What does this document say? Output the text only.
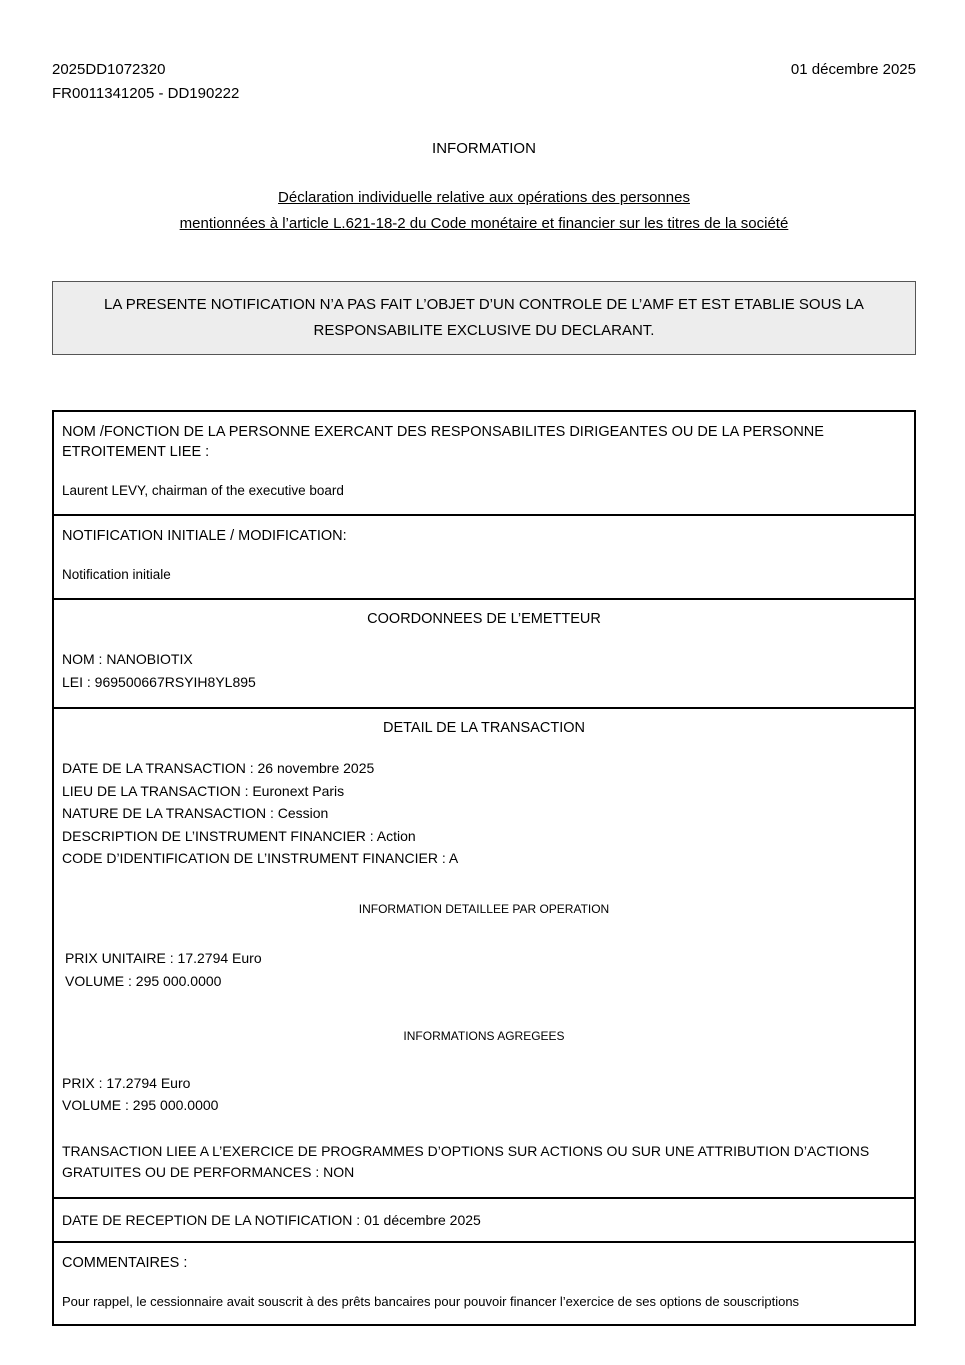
2025DD1072320
FR0011341205 - DD190222
01 décembre 2025
INFORMATION
Déclaration individuelle relative aux opérations des personnes
mentionnées à l’article L.621-18-2 du Code monétaire et financier sur les titres de la société
LA PRESENTE NOTIFICATION N’A PAS FAIT L’OBJET D’UN CONTROLE DE L’AMF ET EST ETABLIE SOUS LA RESPONSABILITE EXCLUSIVE DU DECLARANT.
NOM /FONCTION DE LA PERSONNE EXERCANT DES RESPONSABILITES DIRIGEANTES OU DE LA PERSONNE ETROITEMENT LIEE :
Laurent LEVY, chairman of the executive board
NOTIFICATION INITIALE / MODIFICATION:
Notification initiale
COORDONNEES DE L’EMETTEUR
NOM : NANOBIOTIX
LEI : 969500667RSYIH8YL895
DETAIL DE LA TRANSACTION
DATE DE LA TRANSACTION : 26 novembre 2025
LIEU DE LA TRANSACTION : Euronext Paris
NATURE DE LA TRANSACTION : Cession
DESCRIPTION DE L’INSTRUMENT FINANCIER : Action
CODE D’IDENTIFICATION DE L’INSTRUMENT FINANCIER : A
INFORMATION DETAILLEE PAR OPERATION
PRIX UNITAIRE : 17.2794 Euro
VOLUME : 295 000.0000
INFORMATIONS AGREGEES
PRIX : 17.2794 Euro
VOLUME : 295 000.0000
TRANSACTION LIEE A L’EXERCICE DE PROGRAMMES D’OPTIONS SUR ACTIONS OU SUR UNE ATTRIBUTION D’ACTIONS GRATUITES OU DE PERFORMANCES : NON
DATE DE RECEPTION DE LA NOTIFICATION : 01 décembre 2025
COMMENTAIRES :
Pour rappel, le cessionnaire avait souscrit à des prêts bancaires pour pouvoir financer l’exercice de ses options de souscriptions
